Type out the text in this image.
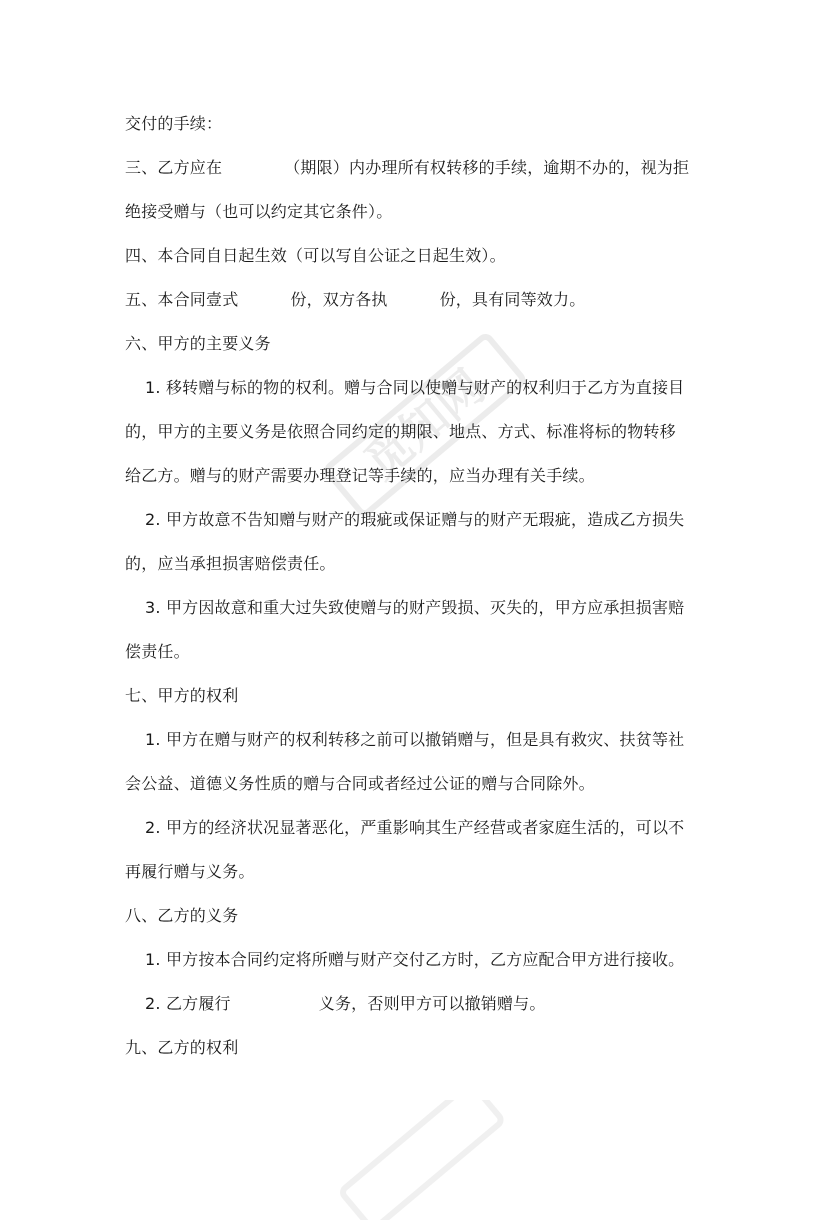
觅知网
交付的手续：
三、乙方应在	（期限）内办理所有权转移的手续，逾期不办的，视为拒
绝接受赠与（也可以约定其它条件）。
四、本合同自日起生效（可以写自公证之日起生效）。
五、本合同壹式	份，双方各执	份，具有同等效力。
六、甲方的主要义务
1. 移转赠与标的物的权利。赠与合同以使赠与财产的权利归于乙方为直接目
的，甲方的主要义务是依照合同约定的期限、地点、方式、标准将标的物转移
给乙方。赠与的财产需要办理登记等手续的，应当办理有关手续。
2. 甲方故意不告知赠与财产的瑕疵或保证赠与的财产无瑕疵，造成乙方损失
的，应当承担损害赔偿责任。
3. 甲方因故意和重大过失致使赠与的财产毁损、灭失的，甲方应承担损害赔
偿责任。
七、甲方的权利
1. 甲方在赠与财产的权利转移之前可以撤销赠与，但是具有救灾、扶贫等社
会公益、道德义务性质的赠与合同或者经过公证的赠与合同除外。
2. 甲方的经济状况显著恶化，严重影响其生产经营或者家庭生活的，可以不
再履行赠与义务。
八、乙方的义务
1. 甲方按本合同约定将所赠与财产交付乙方时，乙方应配合甲方进行接收。
2. 乙方履行	义务，否则甲方可以撤销赠与。
九、乙方的权利
